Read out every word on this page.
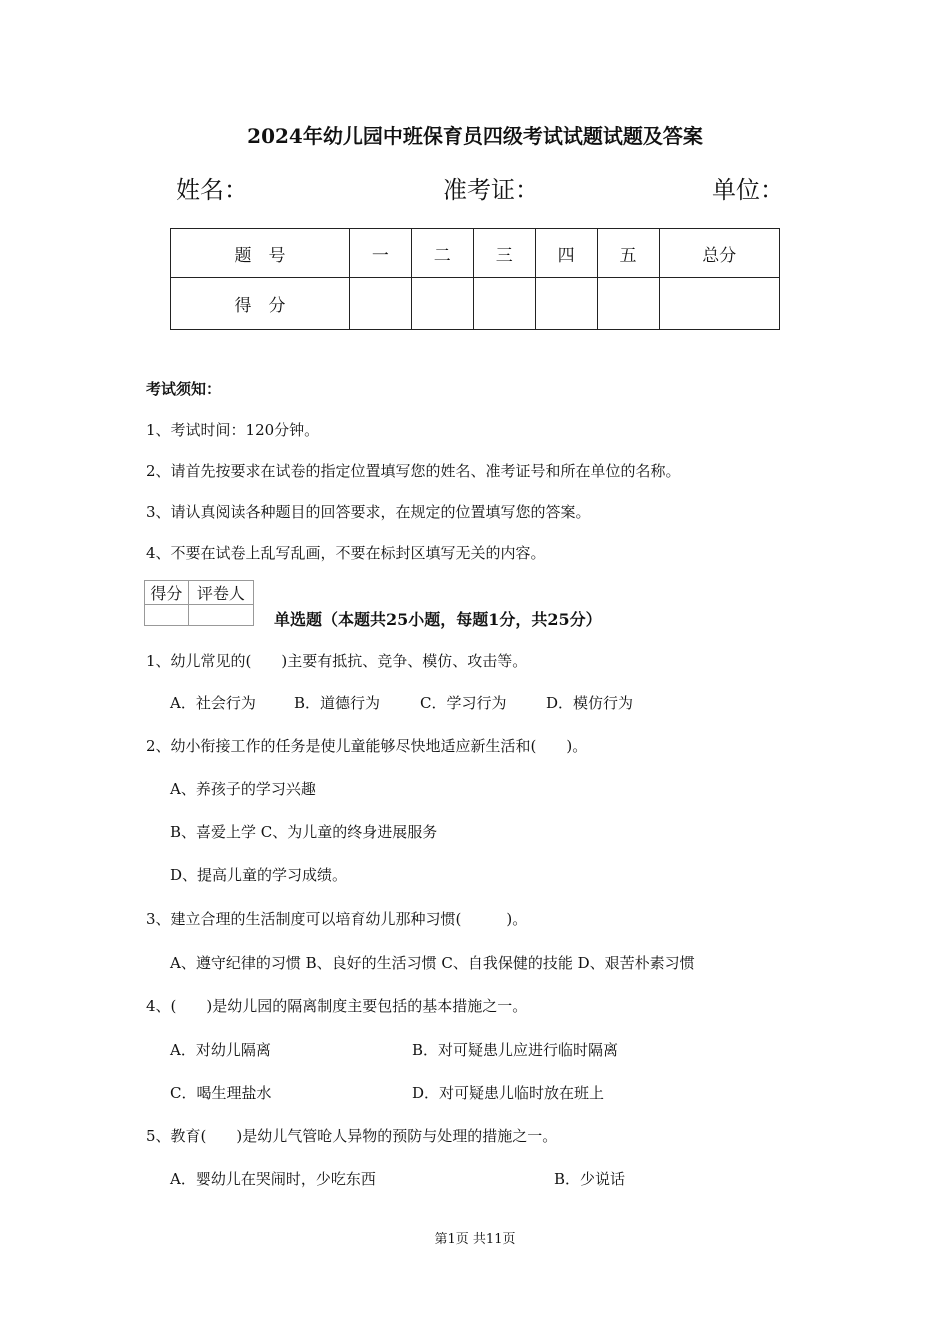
2024年幼儿园中班保育员四级考试试题试题及答案
姓名：	准考证：	单位：
题　号	一	二	三	四	五	总分
得　分						
考试须知：
1、考试时间：120分钟。
2、请首先按要求在试卷的指定位置填写您的姓名、准考证号和所在单位的名称。
3、请认真阅读各种题目的回答要求，在规定的位置填写您的答案。
4、不要在试卷上乱写乱画，不要在标封区填写无关的内容。
得分	评卷人

单选题（本题共25小题，每题1分，共25分）
1、幼儿常见的(　　)主要有抵抗、竞争、模仿、攻击等。
A．社会行为	B．道德行为	C．学习行为	D．模仿行为
2、幼小衔接工作的任务是使儿童能够尽快地适应新生活和(　　)。
A、养孩子的学习兴趣
B、喜爱上学 C、为儿童的终身进展服务
D、提高儿童的学习成绩。
3、建立合理的生活制度可以培育幼儿那种习惯(　　　)。
A、遵守纪律的习惯 B、良好的生活习惯 C、自我保健的技能 D、艰苦朴素习惯
4、(　　)是幼儿园的隔离制度主要包括的基本措施之一。
A．对幼儿隔离	B．对可疑患儿应进行临时隔离
C．喝生理盐水	D．对可疑患儿临时放在班上
5、教育(　　)是幼儿气管呛人异物的预防与处理的措施之一。
A．婴幼儿在哭闹时，少吃东西	B．少说话
第1页 共11页
